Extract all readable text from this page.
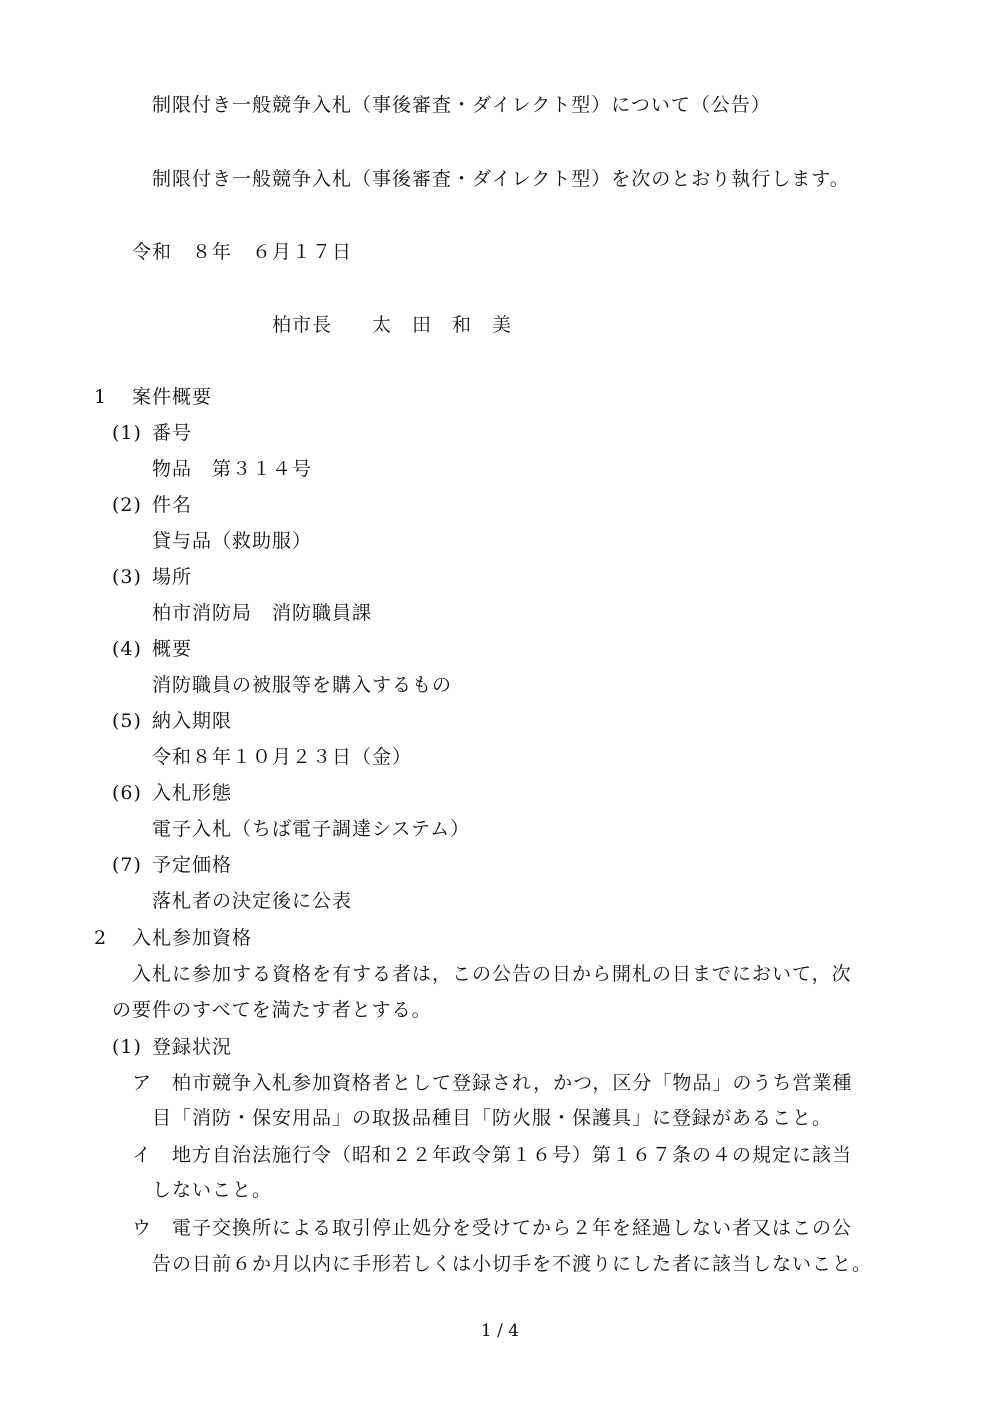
制限付き一般競争入札（事後審査・ダイレクト型）について（公告）
制限付き一般競争入札（事後審査・ダイレクト型）を次のとおり執行します。
令和　８年　６月１７日
柏市長　　太　田　和　美
1 案件概要
(1) 番号
物品　第３１４号
(2) 件名
貸与品（救助服）
(3) 場所
柏市消防局　消防職員課
(4) 概要
消防職員の被服等を購入するもの
(5) 納入期限
令和８年１０月２３日（金）
(6) 入札形態
電子入札（ちば電子調達システム）
(7) 予定価格
落札者の決定後に公表
2 入札参加資格
入札に参加する資格を有する者は，この公告の日から開札の日までにおいて，次
の要件のすべてを満たす者とする。
(1) 登録状況
ア 柏市競争入札参加資格者として登録され，かつ，区分「物品」のうち営業種
目「消防・保安用品」の取扱品種目「防火服・保護具」に登録があること。
イ 地方自治法施行令（昭和２２年政令第１６号）第１６７条の４の規定に該当
しないこと。
ウ 電子交換所による取引停止処分を受けてから２年を経過しない者又はこの公
告の日前６か月以内に手形若しくは小切手を不渡りにした者に該当しないこと。
1 / 4
